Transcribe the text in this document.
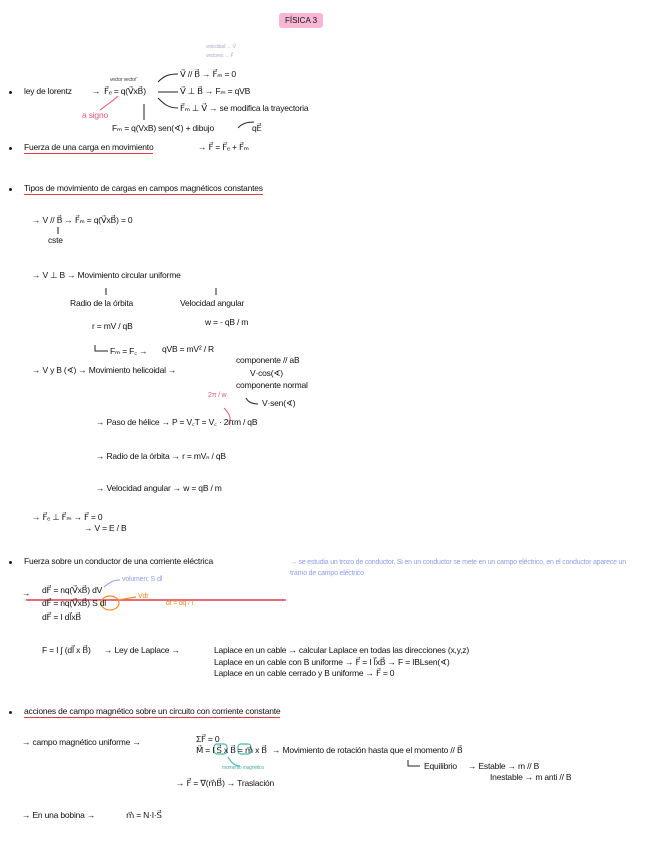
FÍSICA 3
velocidad ↔ V⃗
vectores ↔ F⃗
vector vector ⃗
ley de lorentz → F⃗ₑ = q(V⃗xB⃗)
V⃗ // B⃗ → F⃗ₘ = 0
V⃗ ⊥ B⃗ → Fₘ = qVB
F⃗ₘ ⊥ V⃗ → se modifica la trayectoria
a signo
Fₘ = q(VxB) sen(∢) + dibujo	qE⃗
Fuerza de una carga en movimiento	→ F⃗ = F⃗ₑ + F⃗ₘ
Tipos de movimiento de cargas en campos magnéticos constantes
→ V // B⃗ → F⃗ₘ = q(V⃗xB⃗) = 0
cste
→ V ⊥ B → Movimiento circular uniforme
Radio de la órbita	Velocidad angular
r = mV / qB	w = - qB / m
Fₘ = F꜀ → qVB = mV² / R
→ V y B (∢) → Movimiento helicoidal →
componente // aB
V·cos(∢)
componente normal
V·sen(∢)
2π / w
→ Paso de hélice → P = V꜀T = V꜀ · 2πm / qB
→ Radio de la órbita → r = mVₙ / qB
→ Velocidad angular → w = qB / m
→ F⃗ₑ ⊥ F⃗ₘ → F⃗ = 0
→ V = E / B
Fuerza sobre un conductor de una corriente eléctrica	→ se estudia un trozo de conductor. Si en un conductor se mete en un campo eléctrico, en el conductor aparece un tramo de campo eléctrico
volumen: S·dl
→ dF⃗ = nq(V⃗xB⃗) dV
dF⃗ = nq(V⃗xB⃗) S dl
dF⃗ = I dl⃗xB⃗
Vdt
dt = dq / I
F = I ∫ (dl⃗ x B⃗) → Ley de Laplace →	Laplace en un cable → calcular Laplace en todas las direcciones (x,y,z)
Laplace en un cable con B uniforme → F⃗ = I l⃗xB⃗ → F = IBLsen(∢)
Laplace en un cable cerrado y B uniforme → F⃗ = 0
acciones de campo magnético sobre un circuito con corriente constante
→ campo magnético uniforme →	ΣF⃗ = 0
M⃗ = I S⃗ x B⃗ = m⃗ x B⃗ → Movimiento de rotación hasta que el momento // B⃗
momento magnético	Equilibrio → Estable → m // B
Inestable → m anti // B
→ F⃗ = ∇(m⃗B⃗) → Traslación
→ En una bobina →	m⃗ = N·I·S⃗
